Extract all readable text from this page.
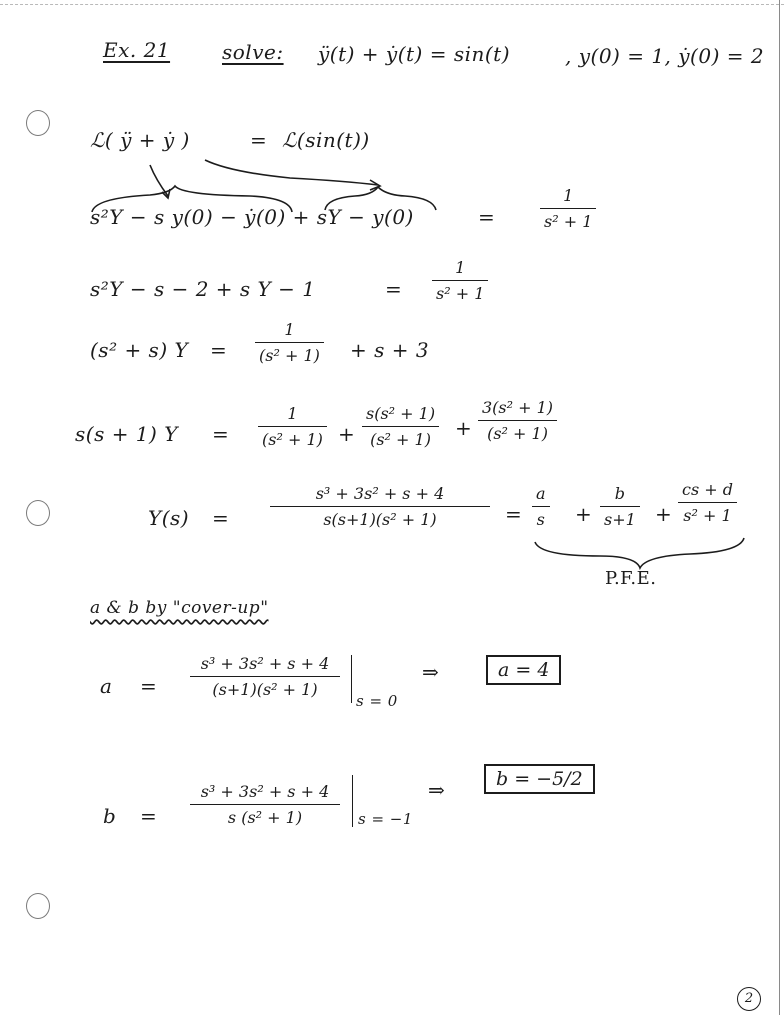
Ex. 21	solve: ÿ(t) + ẏ(t) = sin(t)	, y(0) = 1, ẏ(0) = 2
ℒ( ÿ + ẏ )	= ℒ(sin(t))
s²Y − s y(0) − ẏ(0) + sY − y(0)	=
1
s² + 1
s²Y − s − 2 + s Y − 1	=
1
s² + 1
(s² + s) Y =
1
(s² + 1) + s + 3
s(s + 1) Y =
1
(s² + 1) +
s(s² + 1)
(s² + 1)	+
3(s² + 1)
(s² + 1)
Y(s) =
s³ + 3s² + s + 4
s(s+1)(s² + 1)	=
a
s +
b
s+1 +
cs + d
s² + 1
P.F.E.
a & b by "cover-up"
a =
s³ + 3s² + s + 4
(s+1)(s² + 1)
s = 0
⇒	a = 4
b =
s³ + 3s² + s + 4
s (s² + 1)	s = −1
⇒	b = −5/2
2
